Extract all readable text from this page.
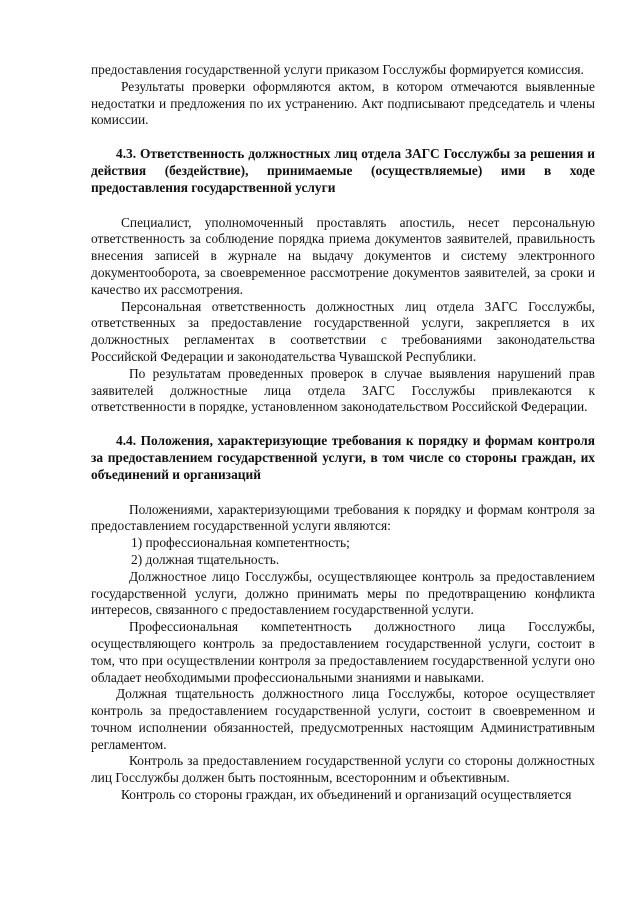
предоставления государственной услуги приказом Госслужбы формируется комиссия.

Результаты проверки оформляются актом, в котором отмечаются выявленные недостатки и предложения по их устранению. Акт подписывают председатель и члены комиссии.

4.3. Ответственность должностных лиц отдела ЗАГС Госслужбы за решения и действия (бездействие), принимаемые (осуществляемые) ими в ходе предоставления государственной услуги

Специалист, уполномоченный проставлять апостиль, несет персональную ответственность за соблюдение порядка приема документов заявителей, правильность внесения записей в журнале на выдачу документов и систему электронного документооборота, за своевременное рассмотрение документов заявителей, за сроки и качество их рассмотрения.

Персональная ответственность должностных лиц отдела ЗАГС Госслужбы, ответственных за предоставление государственной услуги, закрепляется в их должностных регламентах в соответствии с требованиями законодательства Российской Федерации и законодательства Чувашской Республики.

По результатам проведенных проверок в случае выявления нарушений прав заявителей должностные лица отдела ЗАГС Госслужбы привлекаются к ответственности в порядке, установленном законодательством Российской Федерации.

4.4. Положения, характеризующие требования к порядку и формам контроля за предоставлением государственной услуги, в том числе со стороны граждан, их объединений и организаций

Положениями, характеризующими требования к порядку и формам контроля за предоставлением государственной услуги являются:

1) профессиональная компетентность;

2) должная тщательность.

Должностное лицо Госслужбы, осуществляющее контроль за предоставлением государственной услуги, должно принимать меры по предотвращению конфликта интересов, связанного с предоставлением государственной услуги.

Профессиональная компетентность должностного лица Госслужбы, осуществляющего контроль за предоставлением государственной услуги, состоит в том, что при осуществлении контроля за предоставлением государственной услуги оно обладает необходимыми профессиональными знаниями и навыками.

Должная тщательность должностного лица Госслужбы, которое осуществляет контроль за предоставлением государственной услуги, состоит в своевременном и точном исполнении обязанностей, предусмотренных настоящим Административным регламентом.

Контроль за предоставлением государственной услуги со стороны должностных лиц Госслужбы должен быть постоянным, всесторонним и объективным.

Контроль со стороны граждан, их объединений и организаций осуществляется
